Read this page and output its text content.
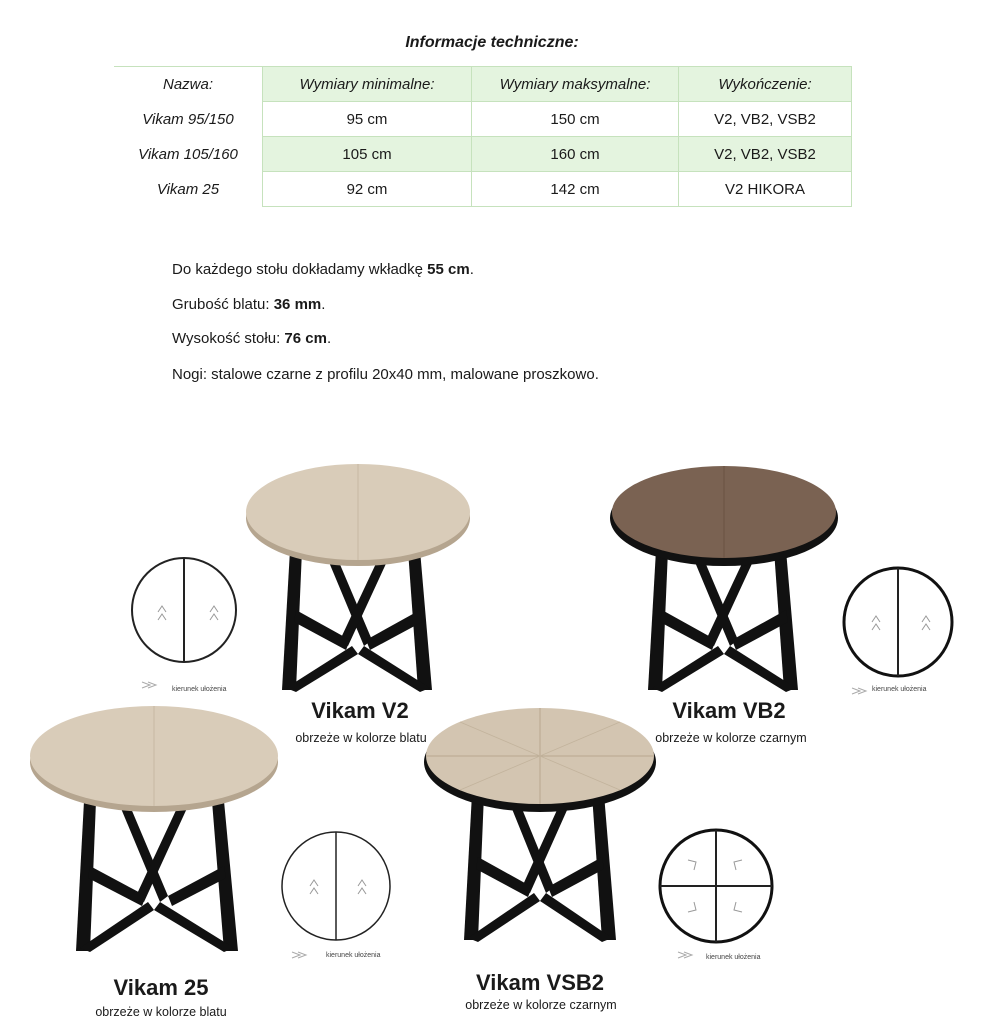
Informacje techniczne:
Nazwa:	Wymiary minimalne:	Wymiary maksymalne:	Wykończenie:
Vikam 95/150	95 cm	150 cm	V2, VB2, VSB2
Vikam 105/160	105 cm	160 cm	V2, VB2, VSB2
Vikam 25	92 cm	142 cm	V2 HIKORA
Do każdego stołu dokładamy wkładkę 55 cm.
Grubość blatu: 36 mm.
Wysokość stołu: 76 cm.
Nogi: stalowe czarne z profilu 20x40 mm, malowane proszkowo.
kierunek ułożenia
Vikam V2
obrzeże w kolorze blatu
kierunek ułożenia
Vikam VB2
obrzeże w kolorze czarnym
kierunek ułożenia
Vikam 25
obrzeże w kolorze blatu
kierunek ułożenia
Vikam VSB2
obrzeże w kolorze czarnym
